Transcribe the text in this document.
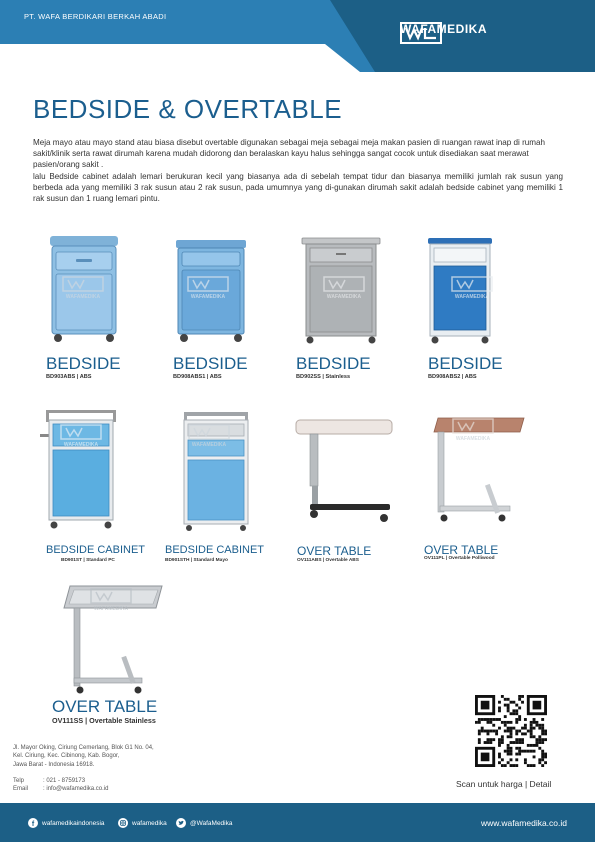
PT. WAFA BERDIKARI BERKAH ABADI
WAFAMEDIKA
BEDSIDE & OVERTABLE

Meja mayo atau mayo stand atau biasa disebut overtable digunakan sebagai meja sebagai meja makan pasien di ruangan rawat inap di rumah sakit/klinik serta rawat dirumah karena mudah didorong dan beralaskan kayu halus sehingga sangat cocok untuk disediakan saat merawat pasien/orang sakit .

lalu Bedside cabinet adalah lemari berukuran kecil yang biasanya ada di sebelah tempat tidur dan biasanya memiliki jumlah rak susun yang berbeda ada yang memiliki 3 rak susun atau 2 rak susun, pada umumnya yang di-gunakan dirumah sakit adalah bedside cabinet yang memiliki 1 rak susun dan 1 ruang lemari pintu.

WAFAMEDIKA
BEDSIDE
BD903ABS | ABS
WAFAMEDIKA
BEDSIDE
BD908ABS1 | ABS
WAFAMEDIKA
BEDSIDE
BD902SS | Stainless
WAFAMEDIKA
BEDSIDE
BD908ABS2 | ABS
WAFAMEDIKA
BEDSIDE CABINET
BD901ST | Standard PC
WAFAMEDIKA
BEDSIDE CABINET
BD901STH | Standard Mayo
OVER TABLE
OV111ABS | Overtable ABS
WAFAMEDIKA
OVER TABLE
OV111PL | Overtable Polliwood
WAFAMEDIKA
OVER TABLE
OV111SS | Overtable Stainless
Jl. Mayor Oking, Ciriung Cemerlang, Blok G1 No. 04,
Kel. Ciriung, Kec. Cibinong, Kab. Bogor,
Jawa Barat - Indonesia 16918.
Telp	: 021 - 8759173
Email	: info@wafamedika.co.id
Scan untuk harga | Detail
f wafamedikaindonesia	wafamedika	@WafaMedika	www.wafamedika.co.id
